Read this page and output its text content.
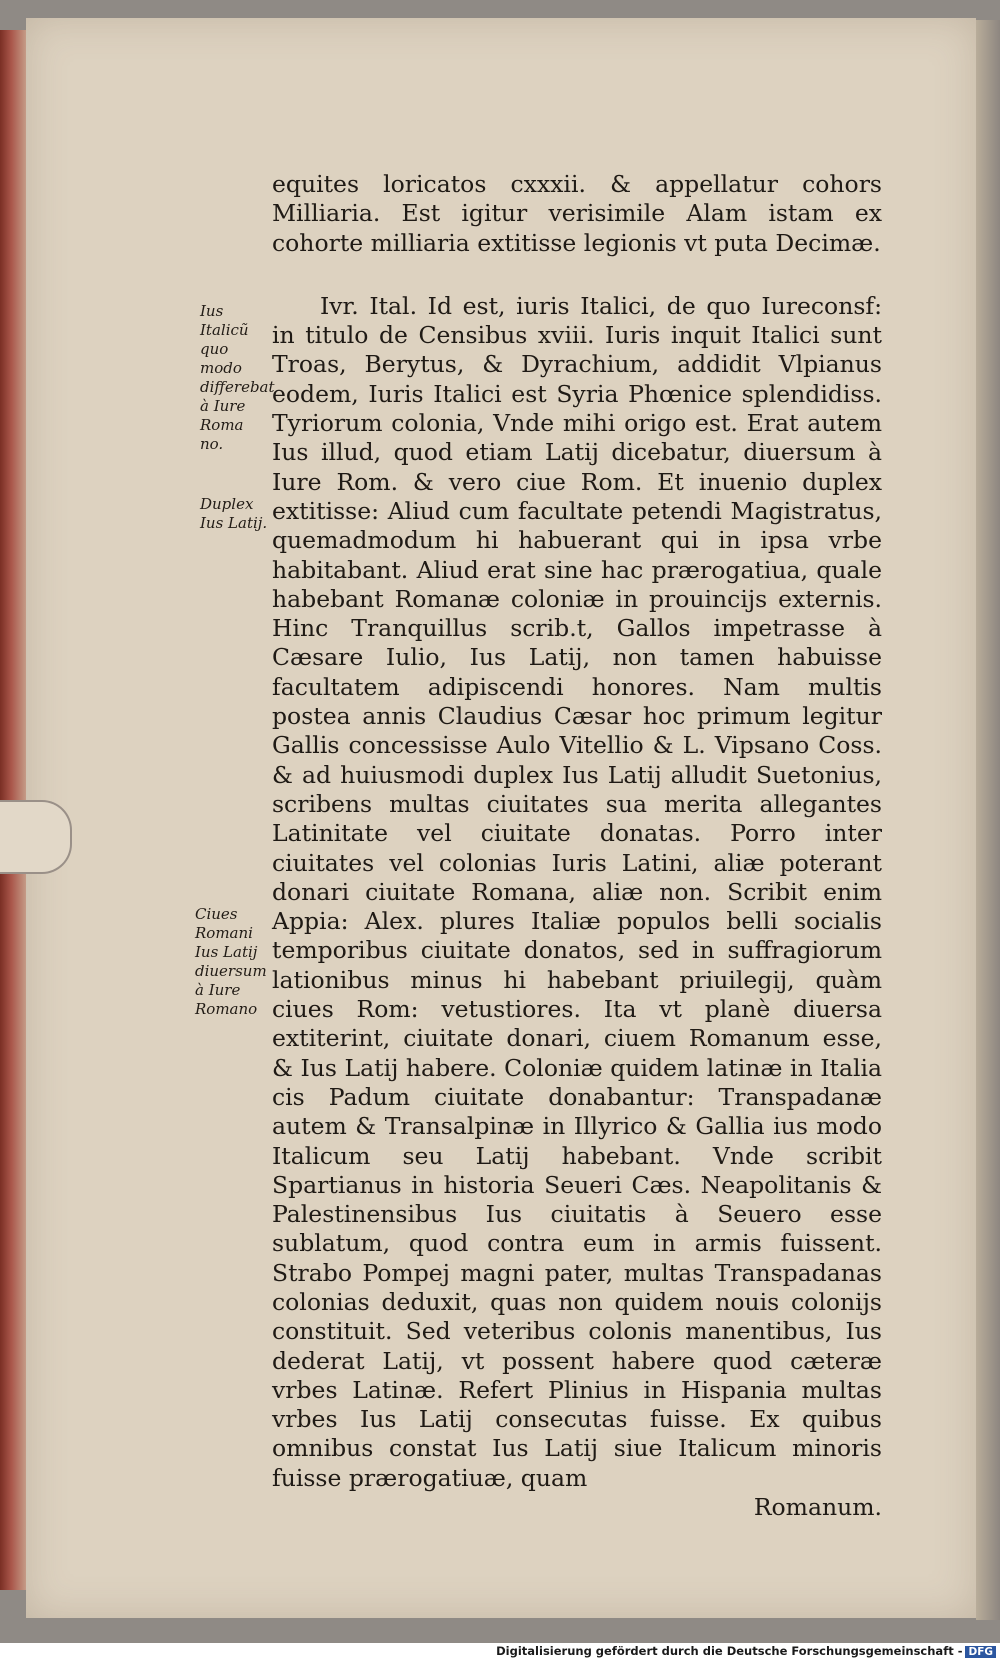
equites loricatos cxxxii. & appellatur cohors Milliaria. Est igitur verisimile Alam istam ex cohorte milliaria extitisse legionis vt puta Decimæ.

Ivr. Ital. Id est, iuris Italici, de quo Iureconsf: in titulo de Censibus xviii. Iuris inquit Italici sunt Troas, Berytus, & Dyrachium, addidit Vlpianus eodem, Iuris Italici est Syria Phœnice splendidiss. Tyriorum colonia, Vnde mihi origo est. Erat autem Ius illud, quod etiam Latij dicebatur, diuersum à Iure Rom. & vero ciue Rom. Et inuenio duplex extitisse: Aliud cum facultate petendi Magistratus, quemadmodum hi habuerant qui in ipsa vrbe habitabant. Aliud erat sine hac prærogatiua, quale habebant Romanæ coloniæ in prouincijs externis. Hinc Tranquillus scrib.t, Gallos impetrasse à Cæsare Iulio, Ius Latij, non tamen habuisse facultatem adipiscendi honores. Nam multis postea annis Claudius Cæsar hoc primum legitur Gallis concessisse Aulo Vitellio & L. Vipsano Coss. & ad huiusmodi duplex Ius Latij alludit Suetonius, scribens multas ciuitates sua merita allegantes Latinitate vel ciuitate donatas. Porro inter ciuitates vel colonias Iuris Latini, aliæ poterant donari ciuitate Romana, aliæ non. Scribit enim Appia: Alex. plures Italiæ populos belli socialis temporibus ciuitate donatos, sed in suffragiorum lationibus minus hi habebant priuilegij, quàm ciues Rom: vetustiores. Ita vt planè diuersa extiterint, ciuitate donari, ciuem Romanum esse, & Ius Latij habere. Coloniæ quidem latinæ in Italia cis Padum ciuitate donabantur: Transpadanæ autem & Transalpinæ in Illyrico & Gallia ius modo Italicum seu Latij habebant. Vnde scribit Spartianus in historia Seueri Cæs. Neapolitanis & Palestinensibus Ius ciuitatis à Seuero esse sublatum, quod contra eum in armis fuissent. Strabo Pompej magni pater, multas Transpadanas colonias deduxit, quas non quidem nouis colonijs constituit. Sed veteribus colonis manentibus, Ius dederat Latij, vt possent habere quod cæteræ vrbes Latinæ. Refert Plinius in Hispania multas vrbes Ius Latij consecutas fuisse. Ex quibus omnibus constat Ius Latij siue Italicum minoris fuisse prærogatiuæ, quam
Romanum.

Ius Italicũ quo modo differebat à Iure Roma no.
Duplex Ius Latij.
Ciues Romani Ius Latij diuersum à Iure Romano
Digitalisierung gefördert durch die Deutsche Forschungsgemeinschaft - DFG
